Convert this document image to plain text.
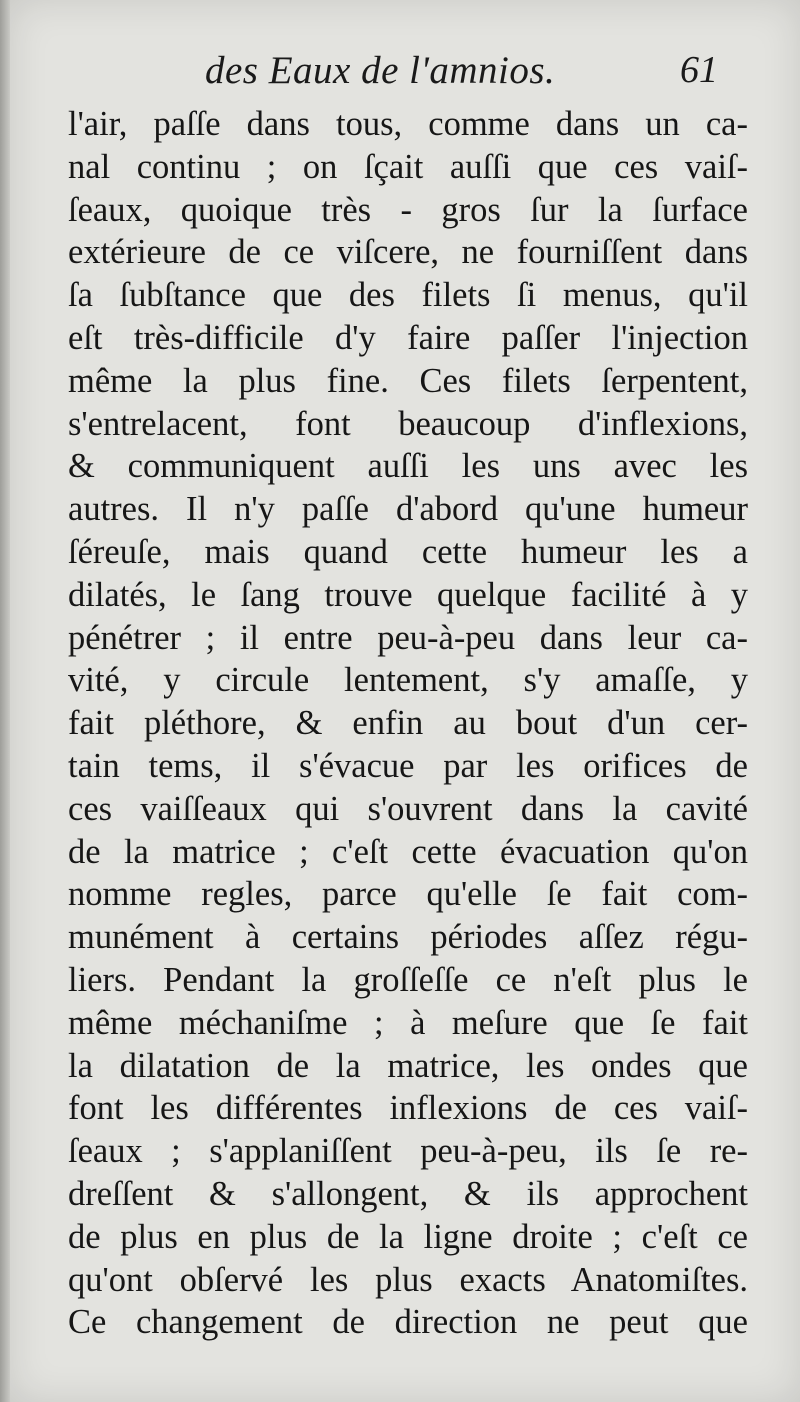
des Eaux de l'amnios.	61
l'air, paſſe dans tous, comme dans un ca-
nal continu ; on ſçait auſſi que ces vaiſ-
ſeaux, quoique très - gros ſur la ſurface
extérieure de ce viſcere, ne fourniſſent dans
ſa ſubſtance que des filets ſi menus, qu'il
eſt très-difficile d'y faire paſſer l'injection
même la plus fine. Ces filets ſerpentent,
s'entrelacent, font beaucoup d'inflexions,
& communiquent auſſi les uns avec les
autres. Il n'y paſſe d'abord qu'une humeur
ſéreuſe, mais quand cette humeur les a
dilatés, le ſang trouve quelque facilité à y
pénétrer ; il entre peu-à-peu dans leur ca-
vité, y circule lentement, s'y amaſſe, y
fait pléthore, & enfin au bout d'un cer-
tain tems, il s'évacue par les orifices de
ces vaiſſeaux qui s'ouvrent dans la cavité
de la matrice ; c'eſt cette évacuation qu'on
nomme regles, parce qu'elle ſe fait com-
munément à certains périodes aſſez régu-
liers. Pendant la groſſeſſe ce n'eſt plus le
même méchaniſme ; à meſure que ſe fait
la dilatation de la matrice, les ondes que
font les différentes inflexions de ces vaiſ-
ſeaux ; s'applaniſſent peu-à-peu, ils ſe re-
dreſſent & s'allongent, & ils approchent
de plus en plus de la ligne droite ; c'eſt ce
qu'ont obſervé les plus exacts Anatomiſtes.
Ce changement de direction ne peut que
